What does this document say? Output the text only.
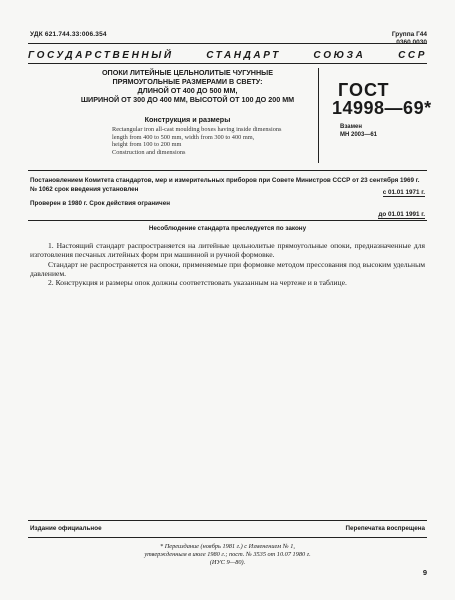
УДК 621.744.33:006.354	Группа Г44
0360.0030
ГОСУДАРСТВЕННЫЙ	СТАНДАРТ	СОЮЗА	ССР
ОПОКИ ЛИТЕЙНЫЕ ЦЕЛЬНОЛИТЫЕ ЧУГУННЫЕ
ПРЯМОУГОЛЬНЫЕ РАЗМЕРАМИ В СВЕТУ:
ДЛИНОЙ ОТ 400 ДО 500 ММ,
ШИРИНОЙ ОТ 300 ДО 400 ММ, ВЫСОТОЙ ОТ 100 ДО 200 ММ
Конструкция и размеры
Rectangular iron all-cast moulding boxes having inside dimensions
length from 400 to 500 mm, width from 300 to 400 mm,
height from 100 to 200 mm
Construction and dimensions
ГОСТ
14998—69*
Взамен
МН 2003—61
Постановлением Комитета стандартов, мер и измерительных приборов при Совете Министров СССР от 23 сентября 1969 г. № 1062 срок введения установлен	с 01.01 1971 г.
Проверен в 1980 г. Срок действия ограничен
до 01.01 1991 г.
Несоблюдение стандарта преследуется по закону

1. Настоящий стандарт распространяется на литейные цельнолитые прямоугольные опоки, предназначенные для изготовления песчаных литейных форм при машинной и ручной формовке.

Стандарт не распространяется на опоки, применяемые при формовке методом прессования под высоким удельным давлением.

2. Конструкция и размеры опок должны соответствовать указанным на чертеже и в таблице.

Издание официальное	Перепечатка воспрещена
* Переиздание (ноябрь 1981 г.) с Изменением № 1,
утвержденным в июле 1980 г.; пост. № 3535 от 10.07 1980 г.
(ИУС 9—80).
9
